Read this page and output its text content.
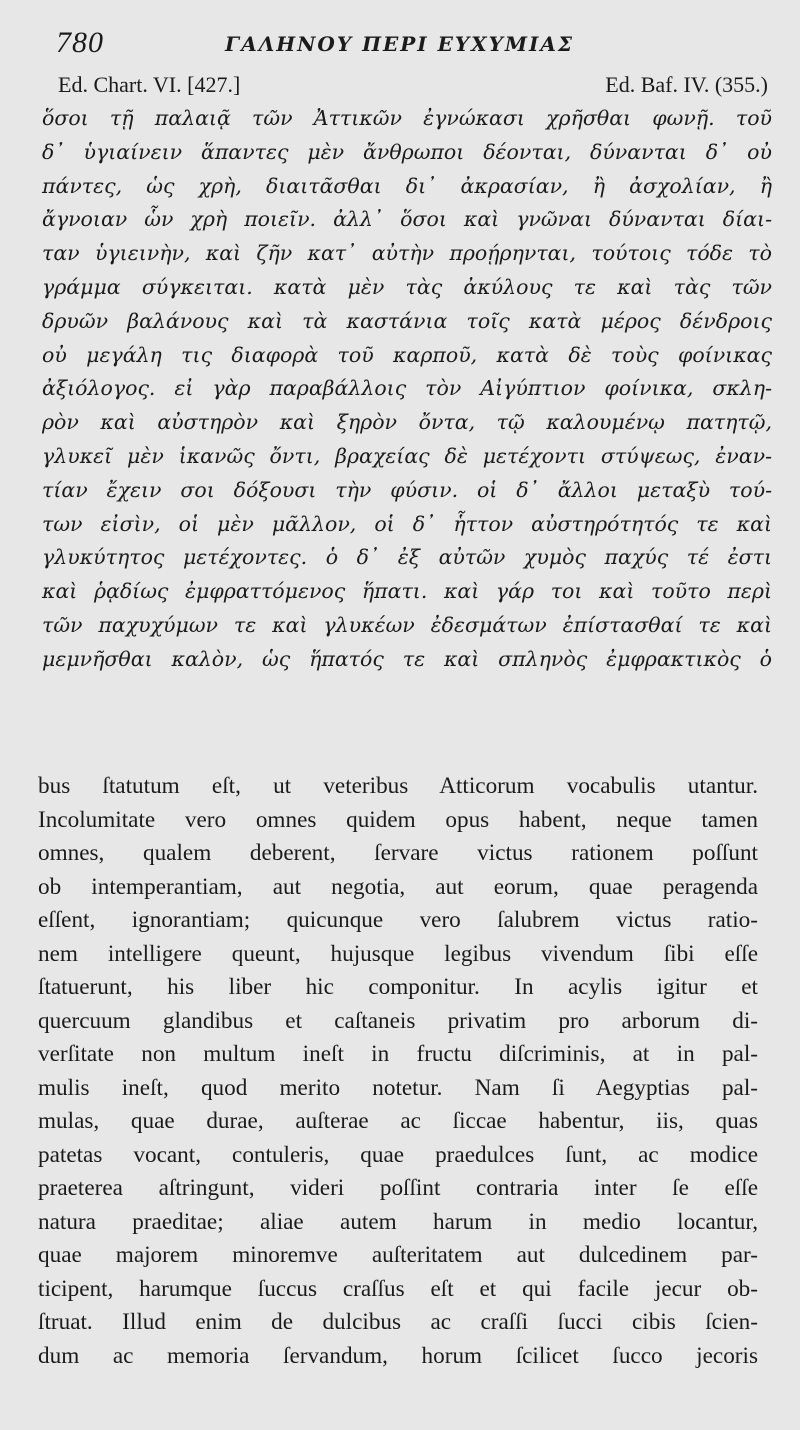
780	ΓΑΛΗΝΟΥ ΠΕΡΙ ΕΥΧΥΜΙΑΣ
Ed. Chart. VI. [427.]	Ed. Baf. IV. (355.)
ὅσοι τῇ παλαιᾷ τῶν Ἀττικῶν ἐγνώκασι χρῆσθαι φωνῇ. τοῦ
δ᾽ ὑγιαίνειν ἅπαντες μὲν ἄνθρωποι δέονται, δύνανται δ᾽ οὐ
πάντες, ὡς χρὴ, διαιτᾶσθαι δι᾽ ἀκρασίαν, ἢ ἀσχολίαν, ἢ
ἄγνοιαν ὧν χρὴ ποιεῖν. ἀλλ᾽ ὅσοι καὶ γνῶναι δύνανται δίαι-
ταν ὑγιεινὴν, καὶ ζῆν κατ᾽ αὐτὴν προῄρηνται, τούτοις τόδε τὸ
γράμμα σύγκειται. κατὰ μὲν τὰς ἀκύλους τε καὶ τὰς τῶν
δρυῶν βαλάνους καὶ τὰ καστάνια τοῖς κατὰ μέρος δένδροις
οὐ μεγάλη τις διαφορὰ τοῦ καρποῦ, κατὰ δὲ τοὺς φοίνικας
ἀξιόλογος. εἰ γὰρ παραβάλλοις τὸν Αἰγύπτιον φοίνικα, σκλη-
ρὸν καὶ αὐστηρὸν καὶ ξηρὸν ὄντα, τῷ καλουμένῳ πατητῷ,
γλυκεῖ μὲν ἱκανῶς ὄντι, βραχείας δὲ μετέχοντι στύψεως, ἐναν-
τίαν ἔχειν σοι δόξουσι τὴν φύσιν. οἱ δ᾽ ἄλλοι μεταξὺ τού-
των εἰσὶν, οἱ μὲν μᾶλλον, οἱ δ᾽ ἧττον αὐστηρότητός τε καὶ
γλυκύτητος μετέχοντες. ὁ δ᾽ ἐξ αὐτῶν χυμὸς παχύς τέ ἐστι
καὶ ῥᾳδίως ἐμφραττόμενος ἥπατι. καὶ γάρ τοι καὶ τοῦτο περὶ
τῶν παχυχύμων τε καὶ γλυκέων ἐδεσμάτων ἐπίστασθαί τε καὶ
μεμνῆσθαι καλὸν, ὡς ἥπατός τε καὶ σπληνὸς ἐμφρακτικὸς ὁ
bus ſtatutum eſt, ut veteribus Atticorum vocabulis utantur.
Incolumitate vero omnes quidem opus habent, neque tamen
omnes, qualem deberent, ſervare victus rationem poſſunt
ob intemperantiam, aut negotia, aut eorum, quae peragenda
eſſent, ignorantiam; quicunque vero ſalubrem victus ratio-
nem intelligere queunt, hujusque legibus vivendum ſibi eſſe
ſtatuerunt, his liber hic componitur. In acylis igitur et
quercuum glandibus et caſtaneis privatim pro arborum di-
verſitate non multum ineſt in fructu diſcriminis, at in pal-
mulis ineſt, quod merito notetur. Nam ſi Aegyptias pal-
mulas, quae durae, auſterae ac ſiccae habentur, iis, quas
patetas vocant, contuleris, quae praedulces ſunt, ac modice
praeterea aſtringunt, videri poſſint contraria inter ſe eſſe
natura praeditae; aliae autem harum in medio locantur,
quae majorem minoremve auſteritatem aut dulcedinem par-
ticipent, harumque ſuccus craſſus eſt et qui facile jecur ob-
ſtruat. Illud enim de dulcibus ac craſſi ſucci cibis ſcien-
dum ac memoria ſervandum, horum ſcilicet ſucco jecoris
